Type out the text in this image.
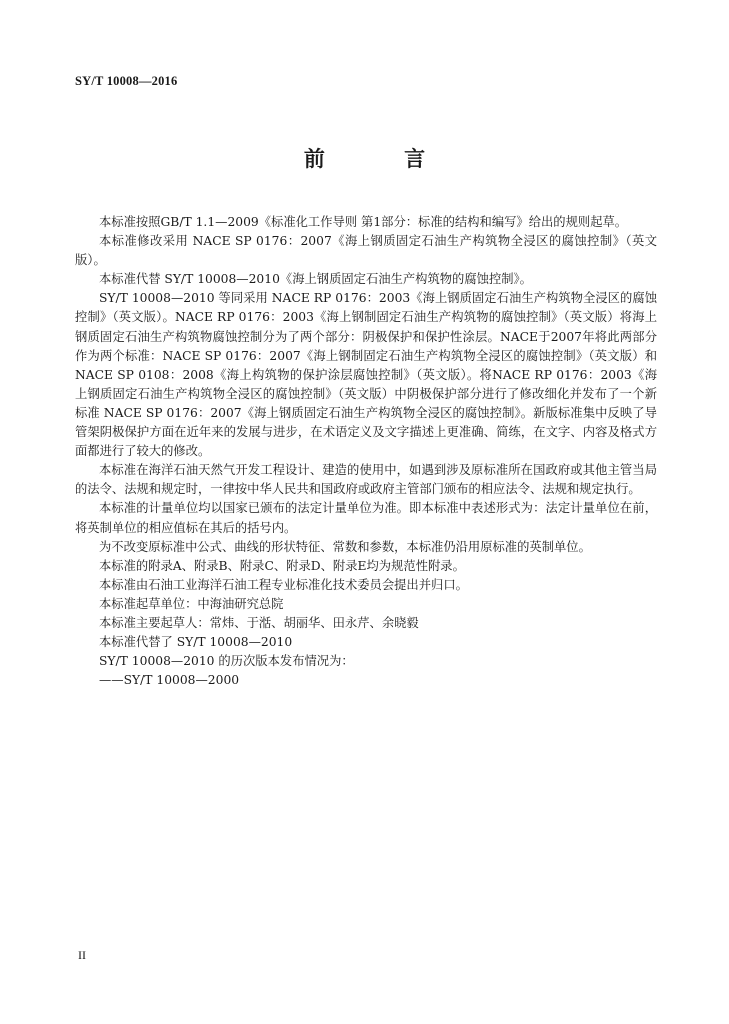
SY/T 10008—2016
前 言

本标准按照GB/T 1.1—2009《标准化工作导则 第1部分：标准的结构和编写》给出的规则起草。

本标准修改采用 NACE SP 0176：2007《海上钢质固定石油生产构筑物全浸区的腐蚀控制》（英文版）。

本标准代替 SY/T 10008—2010《海上钢质固定石油生产构筑物的腐蚀控制》。

SY/T 10008—2010 等同采用 NACE RP 0176：2003《海上钢质固定石油生产构筑物全浸区的腐蚀控制》（英文版）。NACE RP 0176：2003《海上钢制固定石油生产构筑物的腐蚀控制》（英文版）将海上钢质固定石油生产构筑物腐蚀控制分为了两个部分：阴极保护和保护性涂层。NACE于2007年将此两部分作为两个标准：NACE SP 0176：2007《海上钢制固定石油生产构筑物全浸区的腐蚀控制》（英文版）和 NACE SP 0108：2008《海上构筑物的保护涂层腐蚀控制》（英文版）。将NACE RP 0176：2003《海上钢质固定石油生产构筑物全浸区的腐蚀控制》（英文版）中阴极保护部分进行了修改细化并发布了一个新标准 NACE SP 0176：2007《海上钢质固定石油生产构筑物全浸区的腐蚀控制》。新版标准集中反映了导管架阴极保护方面在近年来的发展与进步，在术语定义及文字描述上更准确、简练，在文字、内容及格式方面都进行了较大的修改。

本标准在海洋石油天然气开发工程设计、建造的使用中，如遇到涉及原标准所在国政府或其他主管当局的法令、法规和规定时，一律按中华人民共和国政府或政府主管部门颁布的相应法令、法规和规定执行。

本标准的计量单位均以国家已颁布的法定计量单位为准。即本标准中表述形式为：法定计量单位在前，将英制单位的相应值标在其后的括号内。

为不改变原标准中公式、曲线的形状特征、常数和参数，本标准仍沿用原标准的英制单位。

本标准的附录A、附录B、附录C、附录D、附录E均为规范性附录。

本标准由石油工业海洋石油工程专业标准化技术委员会提出并归口。

本标准起草单位：中海油研究总院

本标准主要起草人：常炜、于湉、胡丽华、田永芹、余晓毅

本标准代替了 SY/T 10008—2010

SY/T 10008—2010 的历次版本发布情况为：

——SY/T 10008—2000

II
